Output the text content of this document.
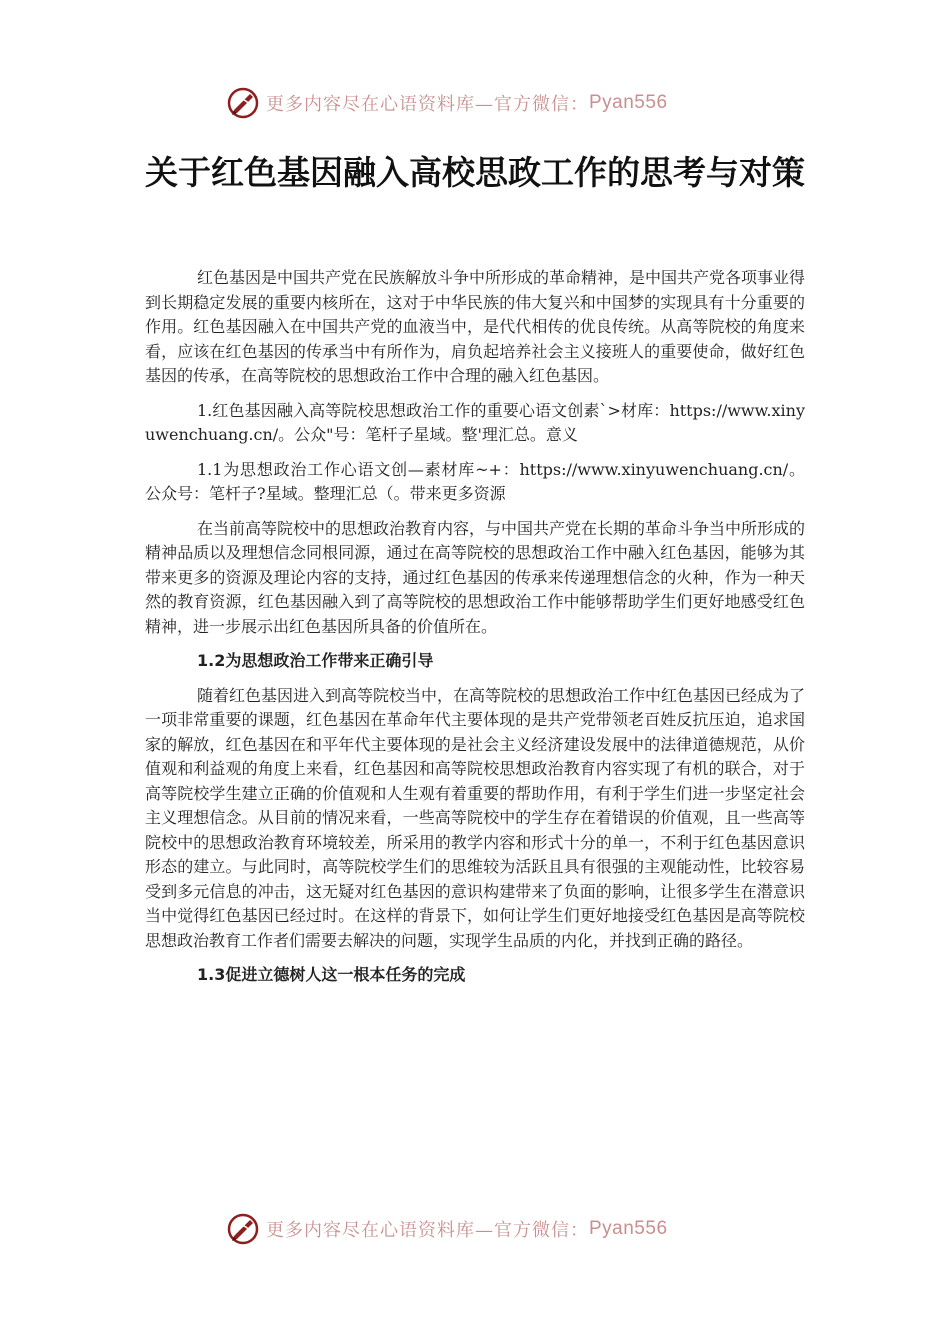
更多内容尽在心语资料库—官方微信： Pyan556
关于红色基因融入高校思政工作的思考与对策

红色基因是中国共产党在民族解放斗争中所形成的革命精神，是中国共产党各项事业得到长期稳定发展的重要内核所在，这对于中华民族的伟大复兴和中国梦的实现具有十分重要的作用。红色基因融入在中国共产党的血液当中，是代代相传的优良传统。从高等院校的角度来看，应该在红色基因的传承当中有所作为，肩负起培养社会主义接班人的重要使命，做好红色基因的传承，在高等院校的思想政治工作中合理的融入红色基因。

1.红色基因融入高等院校思想政治工作的重要心语文创素`>材库：https://www.xinyuwenchuang.cn/。公众"号：笔杆子星域。整'理汇总。意义

1.1为思想政治工作心语文创—素材库~+：https://www.xinyuwenchuang.cn/。公众号：笔杆子?星域。整理汇总（。带来更多资源

在当前高等院校中的思想政治教育内容，与中国共产党在长期的革命斗争当中所形成的精神品质以及理想信念同根同源，通过在高等院校的思想政治工作中融入红色基因，能够为其带来更多的资源及理论内容的支持，通过红色基因的传承来传递理想信念的火种，作为一种天然的教育资源，红色基因融入到了高等院校的思想政治工作中能够帮助学生们更好地感受红色精神，进一步展示出红色基因所具备的价值所在。

1.2为思想政治工作带来正确引导

随着红色基因进入到高等院校当中，在高等院校的思想政治工作中红色基因已经成为了一项非常重要的课题，红色基因在革命年代主要体现的是共产党带领老百姓反抗压迫，追求国家的解放，红色基因在和平年代主要体现的是社会主义经济建设发展中的法律道德规范，从价值观和利益观的角度上来看，红色基因和高等院校思想政治教育内容实现了有机的联合，对于高等院校学生建立正确的价值观和人生观有着重要的帮助作用，有利于学生们进一步坚定社会主义理想信念。从目前的情况来看，一些高等院校中的学生存在着错误的价值观，且一些高等院校中的思想政治教育环境较差，所采用的教学内容和形式十分的单一，不利于红色基因意识形态的建立。与此同时，高等院校学生们的思维较为活跃且具有很强的主观能动性，比较容易受到多元信息的冲击，这无疑对红色基因的意识构建带来了负面的影响，让很多学生在潜意识当中觉得红色基因已经过时。在这样的背景下，如何让学生们更好地接受红色基因是高等院校思想政治教育工作者们需要去解决的问题，实现学生品质的内化，并找到正确的路径。

1.3促进立德树人这一根本任务的完成

更多内容尽在心语资料库—官方微信： Pyan556
